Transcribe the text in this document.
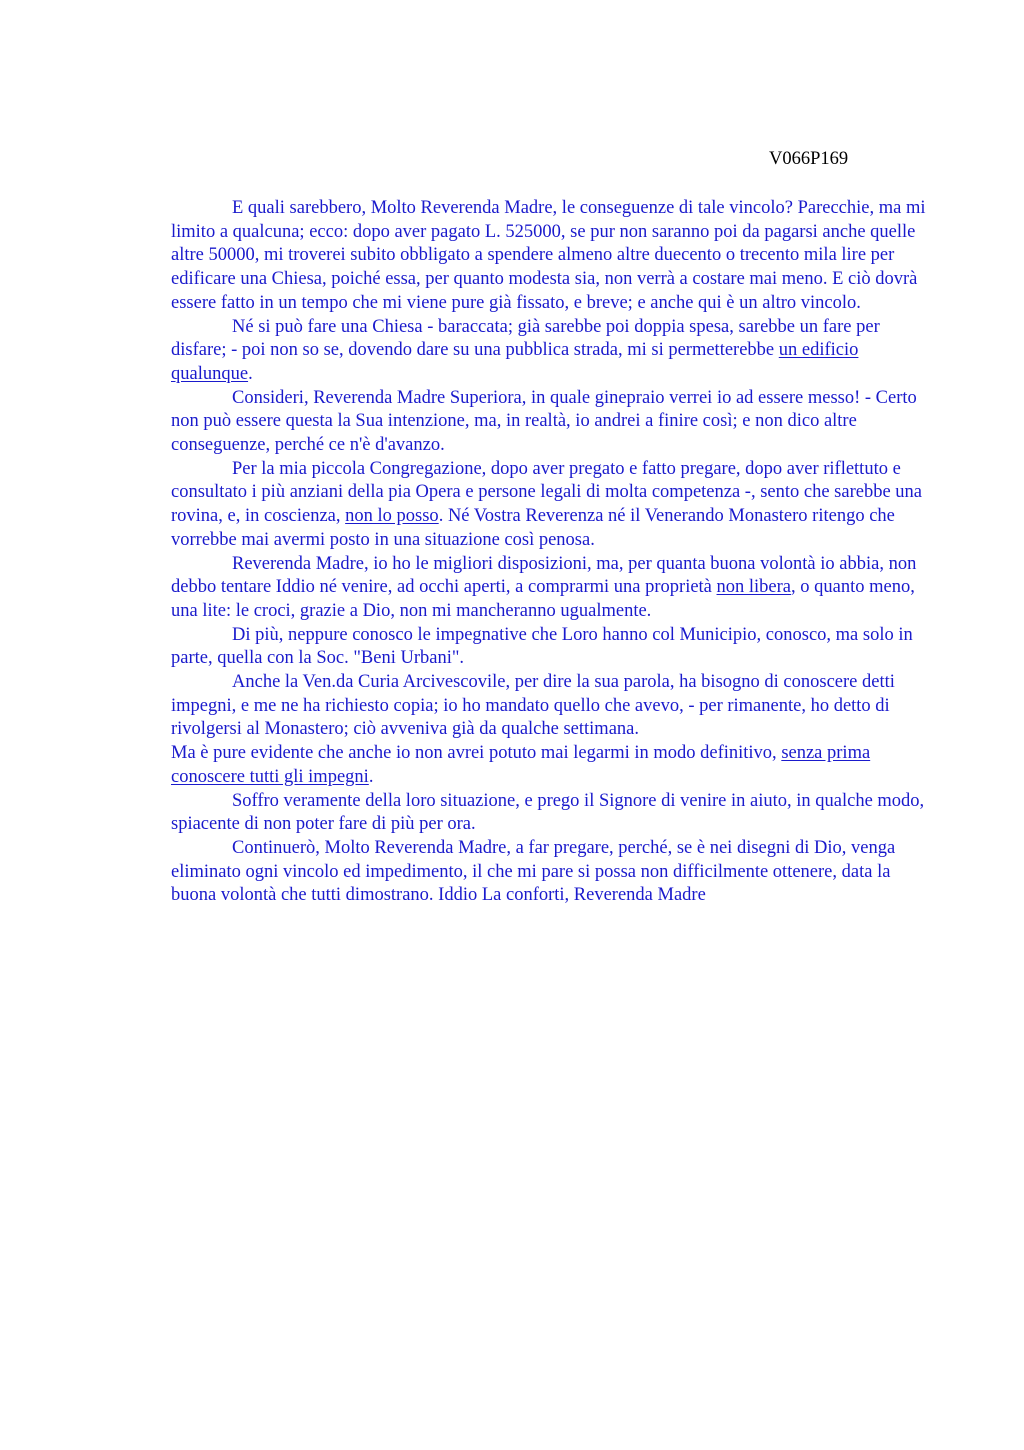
V066P169

E quali sarebbero, Molto Reverenda Madre, le conseguenze di tale vincolo? Parecchie, ma mi limito a qualcuna; ecco: dopo aver pagato L. 525000, se pur non saranno poi da pagarsi anche quelle altre 50000, mi troverei subito obbligato a spendere almeno altre duecento o trecento mila lire per edificare una Chiesa, poiché essa, per quanto modesta sia, non verrà a costare mai meno. E ciò dovrà essere fatto in un tempo che mi viene pure già fissato, e breve; e anche qui è un altro vincolo.

Né si può fare una Chiesa - baraccata; già sarebbe poi doppia spesa, sarebbe un fare per disfare; - poi non so se, dovendo dare su una pubblica strada, mi si permetterebbe un edificio qualunque.

Consideri, Reverenda Madre Superiora, in quale ginepraio verrei io ad essere messo! - Certo non può essere questa la Sua intenzione, ma, in realtà, io andrei a finire così; e non dico altre conseguenze, perché ce n'è d'avanzo.

Per la mia piccola Congregazione, dopo aver pregato e fatto pregare, dopo aver riflettuto e consultato i più anziani della pia Opera e persone legali di molta competenza -, sento che sarebbe una rovina, e, in coscienza, non lo posso. Né Vostra Reverenza né il Venerando Monastero ritengo che vorrebbe mai avermi posto in una situazione così penosa.

Reverenda Madre, io ho le migliori disposizioni, ma, per quanta buona volontà io abbia, non debbo tentare Iddio né venire, ad occhi aperti, a comprarmi una proprietà non libera, o quanto meno, una lite: le croci, grazie a Dio, non mi mancheranno ugualmente.

Di più, neppure conosco le impegnative che Loro hanno col Municipio, conosco, ma solo in parte, quella con la Soc. "Beni Urbani".

Anche la Ven.da Curia Arcivescovile, per dire la sua parola, ha bisogno di conoscere detti impegni, e me ne ha richiesto copia; io ho mandato quello che avevo, - per rimanente, ho detto di rivolgersi al Monastero; ciò avveniva già da qualche settimana.

Ma è pure evidente che anche io non avrei potuto mai legarmi in modo definitivo, senza prima conoscere tutti gli impegni.

Soffro veramente della loro situazione, e prego il Signore di venire in aiuto, in qualche modo, spiacente di non poter fare di più per ora.

Continuerò, Molto Reverenda Madre, a far pregare, perché, se è nei disegni di Dio, venga eliminato ogni vincolo ed impedimento, il che mi pare si possa non difficilmente ottenere, data la buona volontà che tutti dimostrano. Iddio La conforti, Reverenda Madre
